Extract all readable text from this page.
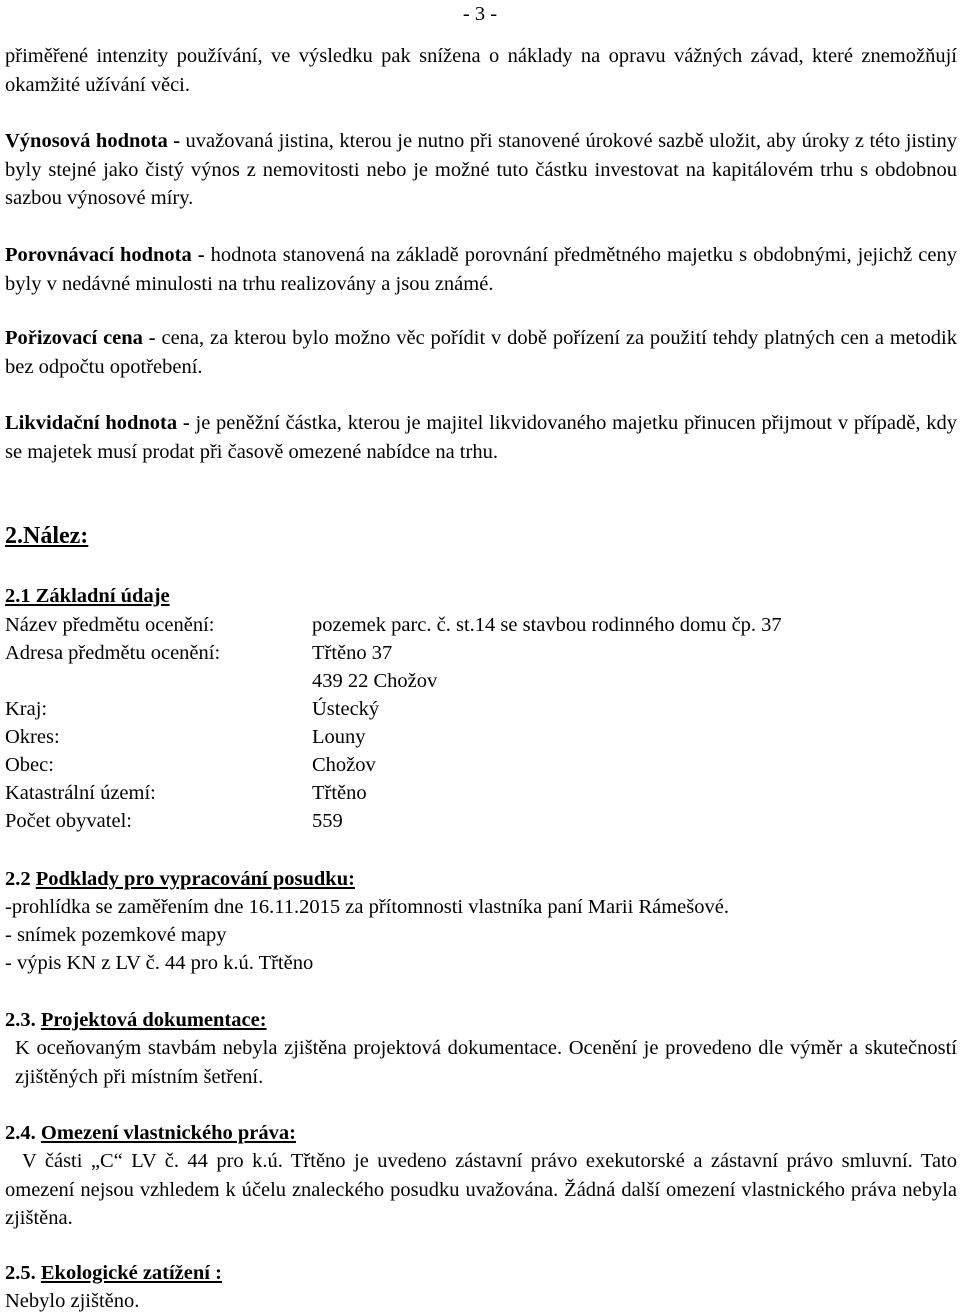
- 3 -
přiměřené intenzity používání, ve výsledku pak snížena o náklady na opravu vážných závad, které znemožňují okamžité užívání věci.
Výnosová hodnota - uvažovaná jistina, kterou je nutno při stanovené úrokové sazbě uložit, aby úroky z této jistiny byly stejné jako čistý výnos z nemovitosti nebo je možné tuto částku investovat na kapitálovém trhu s obdobnou sazbou výnosové míry.
Porovnávací hodnota - hodnota stanovená na základě porovnání předmětného majetku s obdobnými, jejichž ceny byly v nedávné minulosti na trhu realizovány a jsou známé.
Pořizovací cena - cena, za kterou bylo možno věc pořídit v době pořízení za použití tehdy platných cen a metodik bez odpočtu opotřebení.
Likvidační hodnota - je peněžní částka, kterou je majitel likvidovaného majetku přinucen přijmout v případě, kdy se majetek musí prodat při časově omezené nabídce na trhu.
2.Nález:
2.1 Základní údaje
Název předmětu ocenění:	pozemek parc. č. st.14 se stavbou rodinného domu čp. 37
Adresa předmětu ocenění:	Třtěno 37
439 22 Chožov
Kraj:	Ústecký
Okres:	Louny
Obec:	Chožov
Katastrální území:	Třtěno
Počet obyvatel:	559
2.2 Podklady pro vypracování posudku:
-prohlídka se zaměřením dne 16.11.2015 za přítomnosti vlastníka paní Marii Rámešové.
- snímek pozemkové mapy
- výpis KN z LV č. 44 pro k.ú. Třtěno
2.3. Projektová dokumentace:
K oceňovaným stavbám nebyla zjištěna projektová dokumentace. Ocenění je provedeno dle výměr a skutečností zjištěných při místním šetření.
2.4. Omezení vlastnického práva:
V části „C“ LV č. 44 pro k.ú. Třtěno je uvedeno zástavní právo exekutorské a zástavní právo smluvní. Tato omezení nejsou vzhledem k účelu znaleckého posudku uvažována. Žádná další omezení vlastnického práva nebyla zjištěna.
2.5. Ekologické zatížení :
Nebylo zjištěno.
